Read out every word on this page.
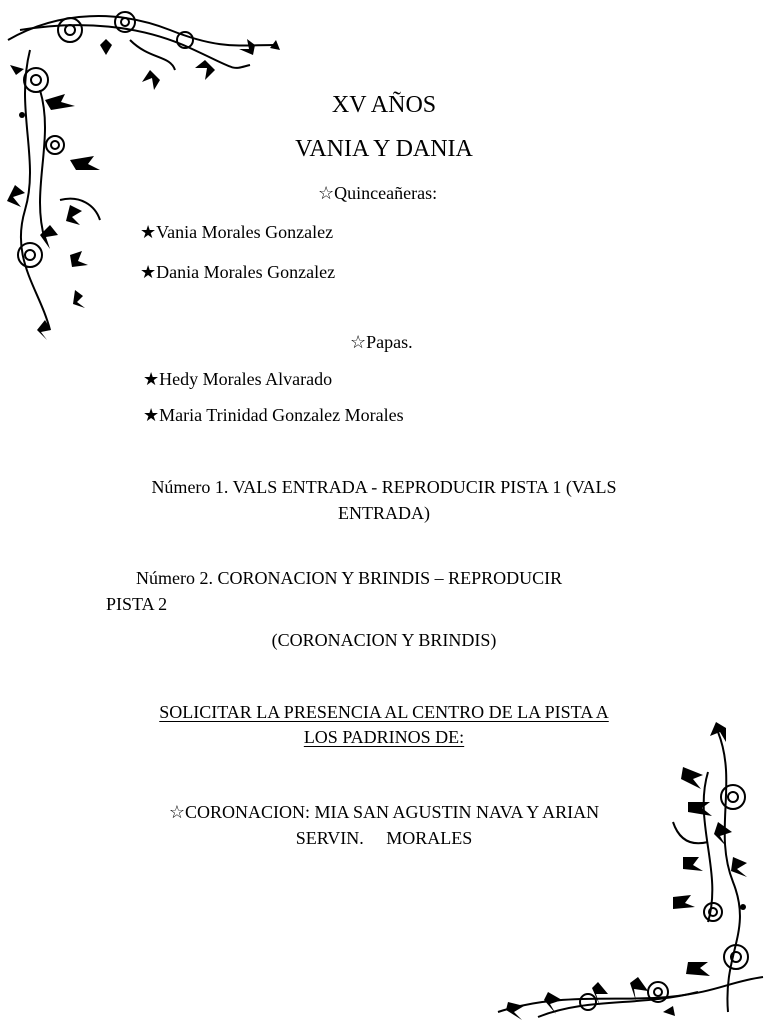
XV AÑOS
VANIA Y DANIA
☆Quinceañeras:
★Vania Morales Gonzalez
★Dania Morales Gonzalez
☆Papas.
★Hedy Morales Alvarado
★Maria Trinidad Gonzalez Morales
Número 1. VALS ENTRADA - REPRODUCIR PISTA 1 (VALS
ENTRADA)
Número 2. CORONACION Y BRINDIS – REPRODUCIR
PISTA 2
(CORONACION Y BRINDIS)
SOLICITAR LA PRESENCIA AL CENTRO DE LA PISTA A
LOS PADRINOS DE:
☆CORONACION: MIA SAN AGUSTIN NAVA Y ARIAN
SERVIN.     MORALES
